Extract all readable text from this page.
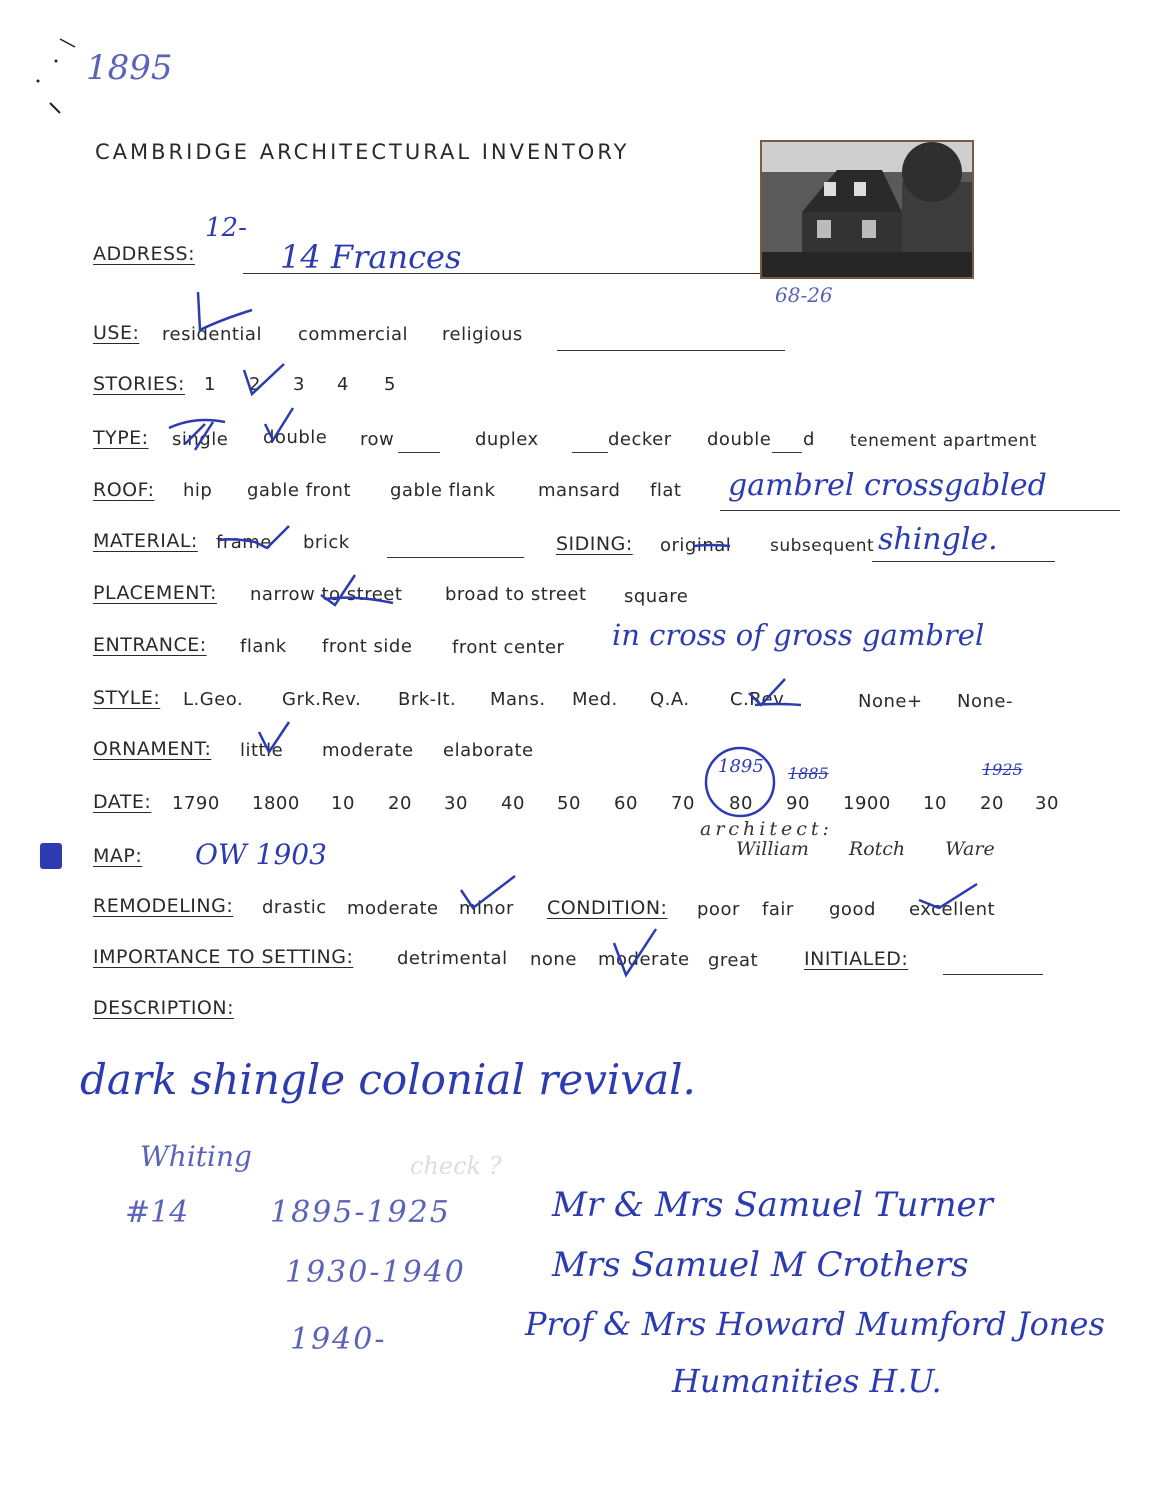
1895
CAMBRIDGE ARCHITECTURAL INVENTORY
68-26
ADDRESS:
12-
14 Frances
USE: residential commercial religious
STORIES: 1 2 3 4 5
TYPE: single double row	duplex	decker double d tenement apartment
ROOF: hip gable front gable flank mansard flat gambrel crossgabled
MATERIAL: frame brick	SIDING: original subsequent shingle.
PLACEMENT: narrow to street broad to street square
ENTRANCE: flank front side front center in cross of gross gambrel
STYLE: L.Geo. Grk.Rev. Brk-It. Mans. Med. Q.A. C.Rev.	None+ None-
ORNAMENT: little moderate elaborate
DATE: 1790 1800 10 20 30 40 50 60 70 80 90 1900 10 20 30
1895 1885	1925
architect:
William Rotch Ware
MAP: OW 1903
REMODELING: drastic moderate minor CONDITION: poor fair good excellent
IMPORTANCE TO SETTING: detrimental none moderate great INITIALED:
DESCRIPTION:
dark shingle colonial revival.
Whiting	check ?
#14	1895-1925	Mr & Mrs Samuel Turner
1930-1940	Mrs Samuel M Crothers
1940-	Prof & Mrs Howard Mumford Jones
Humanities H.U.
